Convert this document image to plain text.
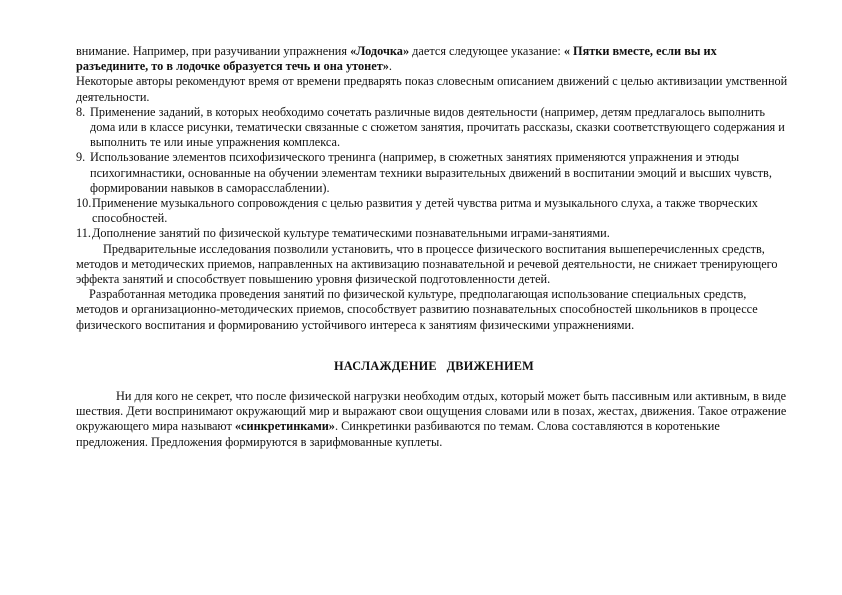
внимание. Например, при разучивании упражнения «Лодочка» дается следующее указание: « Пятки вместе, если вы их разъедините, то в лодочке образуется течь и она утонет».

Некоторые авторы рекомендуют время от времени предварять показ словесным описанием движений с целью активизации умственной деятельности.

8. Применение заданий, в которых необходимо сочетать различные видов деятельности (например, детям предлагалось выполнить дома или в классе рисунки, тематически связанные с сюжетом занятия, прочитать рассказы, сказки соответствующего содержания и выполнить те или иные упражнения комплекса.
9. Использование элементов психофизического тренинга (например, в сюжетных занятиях применяются упражнения и этюды психогимнастики, основанные на обучении элементам техники выразительных движений в воспитании эмоций и высших чувств, формировании навыков в саморасслаблении).
10. Применение музыкального сопровождения с целью развития у детей чувства ритма и музыкального слуха, а также творческих способностей.
11. Дополнение занятий по физической культуре тематическими познавательными играми-занятиями.

Предварительные исследования позволили установить, что в процессе физического воспитания вышеперечисленных средств, методов и методических приемов, направленных на активизацию познавательной и речевой деятельности, не снижает тренирующего эффекта занятий и способствует повышению уровня физической подготовленности детей.

Разработанная методика проведения занятий по физической культуре, предполагающая использование специальных средств, методов и организационно-методических приемов, способствует развитию познавательных способностей школьников в процессе физического воспитания и формированию устойчивого интереса к занятиям физическими упражнениями.

НАСЛАЖДЕНИЕ   ДВИЖЕНИЕМ

Ни для кого не секрет, что после физической нагрузки необходим отдых, который может быть пассивным или активным, в виде шествия. Дети воспринимают окружающий мир и выражают свои ощущения словами или в позах, жестах, движения. Такое отражение окружающего мира называют «синкретинками». Синкретинки разбиваются по темам. Слова составляются в коротенькие предложения. Предложения формируются в зарифмованные куплеты.
